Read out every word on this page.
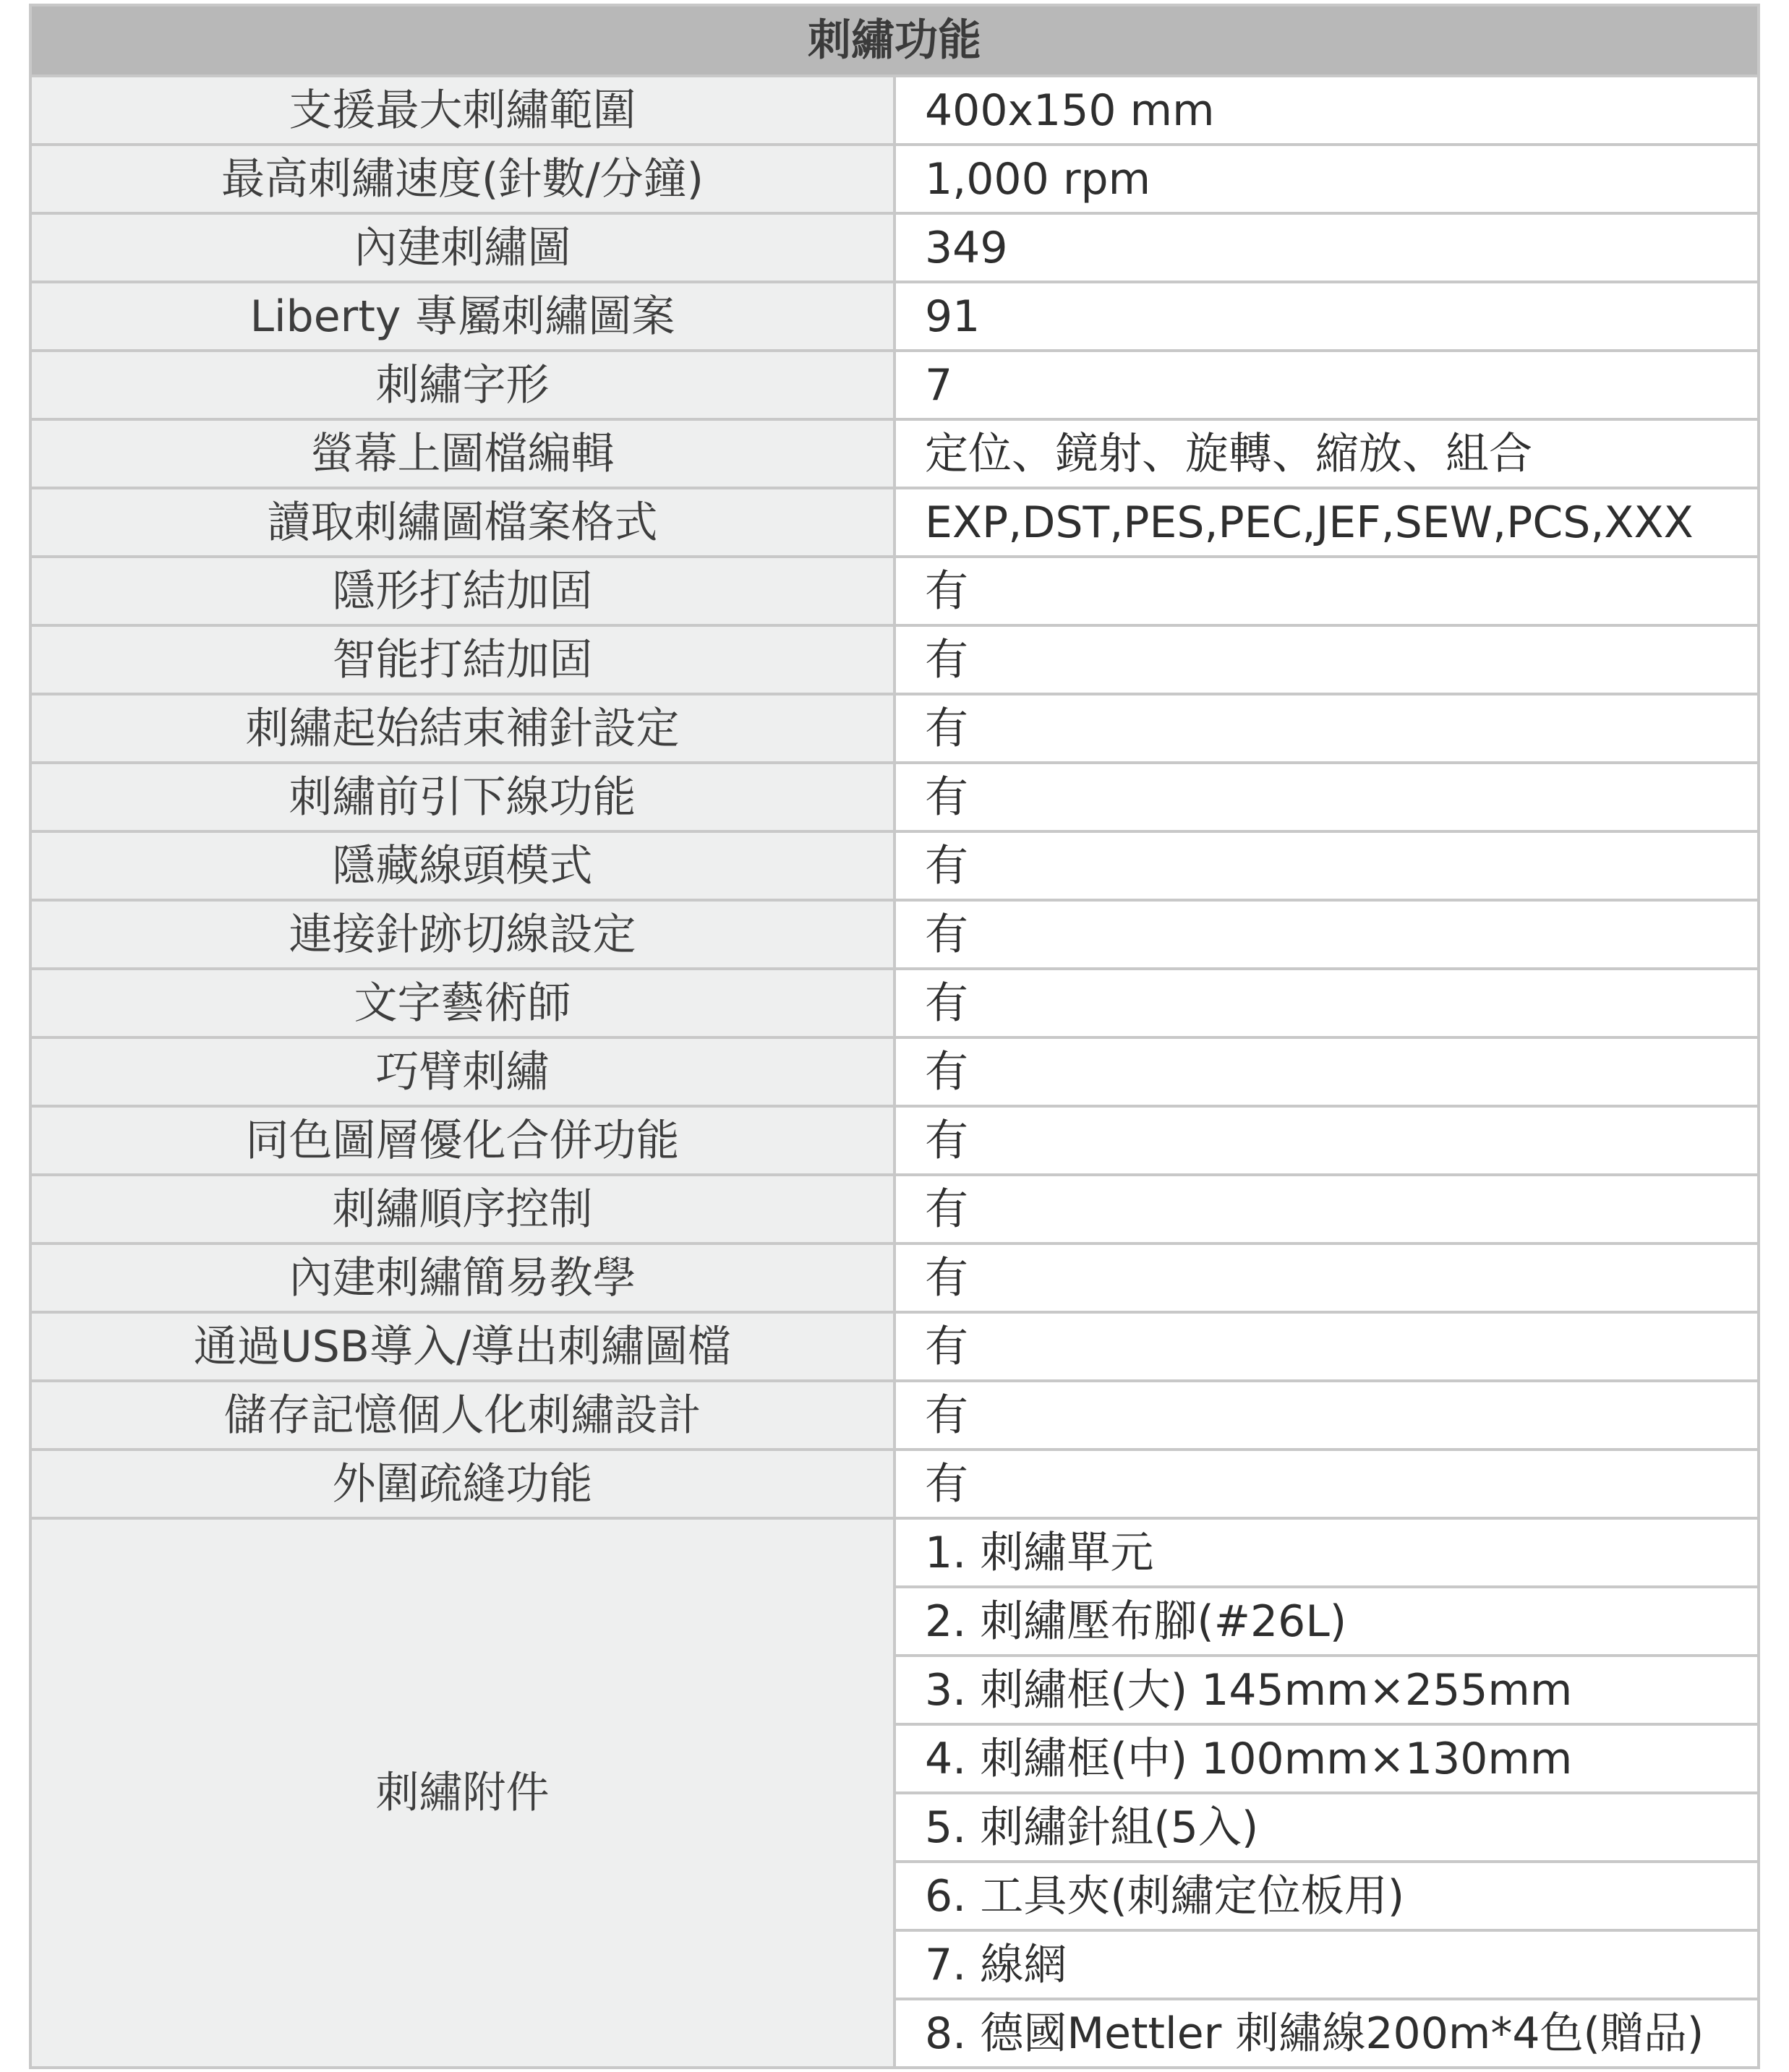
刺繡功能	
支援最大刺繡範圍	400x150 mm
最高刺繡速度(針數/分鐘)	1,000 rpm
內建刺繡圖	349
Liberty 專屬刺繡圖案	91
刺繡字形	7
螢幕上圖檔編輯	定位、鏡射、旋轉、縮放、組合
讀取刺繡圖檔案格式	EXP,DST,PES,PEC,JEF,SEW,PCS,XXX
隱形打結加固	有
智能打結加固	有
刺繡起始結束補針設定	有
刺繡前引下線功能	有
隱藏線頭模式	有
連接針跡切線設定	有
文字藝術師	有
巧臂刺繡	有
同色圖層優化合併功能	有
刺繡順序控制	有
內建刺繡簡易教學	有
通過USB導入/導出刺繡圖檔	有
儲存記憶個人化刺繡設計	有
外圍疏縫功能	有
刺繡附件	1. 刺繡單元
	2. 刺繡壓布腳(#26L)
	3. 刺繡框(大) 145mm×255mm
	4. 刺繡框(中) 100mm×130mm
	5. 刺繡針組(5入)
	6. 工具夾(刺繡定位板用)
	7. 線網
	8. 德國Mettler 刺繡線200m*4色(贈品)
